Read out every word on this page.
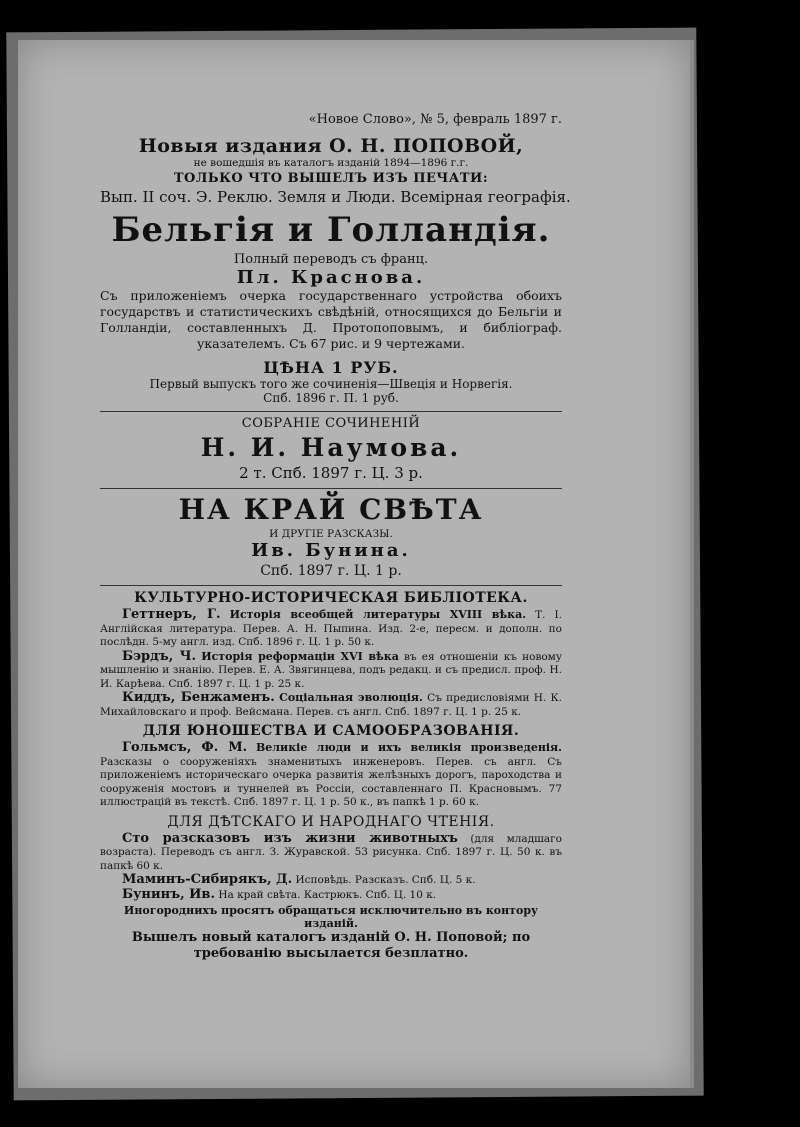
«Новое Слово», № 5, февраль 1897 г.
Новыя издания О. Н. ПОПОВОЙ,
не вошедшія въ каталогъ изданій 1894—1896 г.г.
ТОЛЬКО ЧТО ВЫШЕЛЪ ИЗЪ ПЕЧАТИ:
Вып. II соч. Э. Реклю. Земля и Люди. Всемірная географія.
Бельгія и Голландія.
Полный переводъ съ франц.
Пл. Краснова.
Съ приложеніемъ очерка государственнаго устройства обоихъ государствъ и статистическихъ свѣдѣній, относящихся до Бельгіи и Голландіи, составленныхъ Д. Протопоповымъ, и библіограф. указателемъ. Съ 67 рис. и 9 чертежами.
ЦѢНА 1 РУБ.
Первый выпускъ того же сочиненія—Швеція и Норвегія.
Спб. 1896 г. П. 1 руб.
СОБРАНІЕ СОЧИНЕНІЙ
Н. И. Наумова.
2 т. Спб. 1897 г. Ц. 3 р.
НА КРАЙ СВѢТА
И ДРУГІЕ РАЗСКАЗЫ.
Ив. Бунина.
Спб. 1897 г. Ц. 1 р.
КУЛЬТУРНО-ИСТОРИЧЕСКАЯ БИБЛІОТЕКА.
Геттнеръ, Г. Исторія всеобщей литературы XVIII вѣка. Т. I. Англійская литература. Перев. А. Н. Пыпина. Изд. 2-е, пересм. и дополн. по послѣдн. 5-му англ. изд. Спб. 1896 г. Ц. 1 р. 50 к.
Бэрдъ, Ч. Исторія реформаціи XVI вѣка въ ея отношеніи къ новому мышленію и знанію. Перев. Е. А. Звягинцева, подъ редакц. и съ предисл. проф. Н. И. Карѣева. Спб. 1897 г. Ц. 1 р. 25 к.
Киддъ, Бенжаменъ. Соціальная эволюція. Съ предисловіями Н. К. Михайловскаго и проф. Вейсмана. Перев. съ англ. Спб. 1897 г. Ц. 1 р. 25 к.
ДЛЯ ЮНОШЕСТВА И САМООБРАЗОВАНІЯ.
Гольмсъ, Ф. М. Великіе люди и ихъ великія произведенія. Разсказы о сооруженіяхъ знаменитыхъ инженеровъ. Перев. съ англ. Съ приложеніемъ историческаго очерка развитія желѣзныхъ дорогъ, пароходства и сооруженія мостовъ и туннелей въ Россіи, составленнаго П. Красновымъ. 77 иллюстрацій въ текстѣ. Спб. 1897 г. Ц. 1 р. 50 к., въ папкѣ 1 р. 60 к.
ДЛЯ ДѢТСКАГО И НАРОДНАГО ЧТЕНІЯ.
Сто разсказовъ изъ жизни животныхъ (для младшаго возраста). Переводъ съ англ. З. Журавской. 53 рисунка. Спб. 1897 г. Ц. 50 к. въ папкѣ 60 к.
Маминъ-Сибирякъ, Д. Исповѣдь. Разсказъ. Спб. Ц. 5 к.
Бунинъ, Ив. На край свѣта. Кастрюкъ. Спб. Ц. 10 к.
Иногороднихъ просятъ обращаться исключительно въ контору изданій.
Вышелъ новый каталогъ изданій О. Н. Поповой; по требованію высылается безплатно.
